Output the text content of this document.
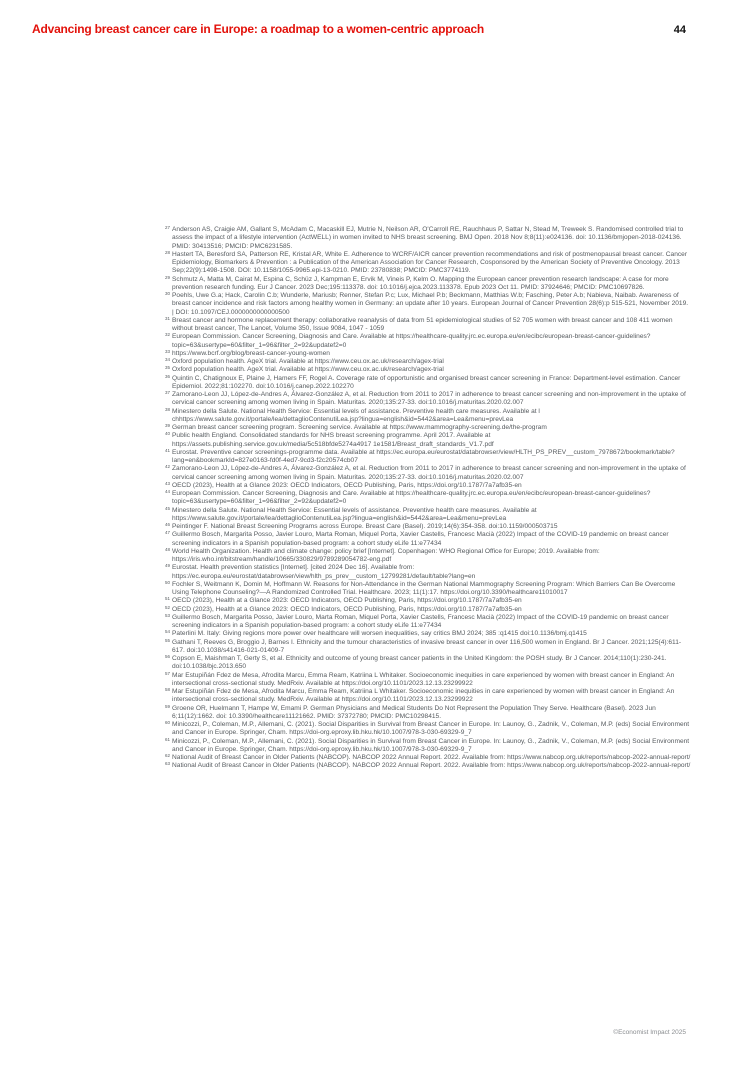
Advancing breast cancer care in Europe: a roadmap to a women-centric approach	44

$^{27}$ Anderson AS, Craigie AM, Gallant S, McAdam C, Macaskill EJ, Mutrie N, Neilson AR, O'Carroll RE, Rauchhaus P, Sattar N, Stead M, Treweek S. Randomised controlled trial to assess the impact of a lifestyle intervention (ActWELL) in women invited to NHS breast screening. BMJ Open. 2018 Nov 8;8(11):e024136. doi: 10.1136/bmjopen-2018-024136. PMID: 30413516; PMCID: PMC6231585.

$^{28}$ Hastert TA, Beresford SA, Patterson RE, Kristal AR, White E. Adherence to WCRF/AICR cancer prevention recommendations and risk of postmenopausal breast cancer. Cancer Epidemiology, Biomarkers & Prevention : a Publication of the American Association for Cancer Research, Cosponsored by the American Society of Preventive Oncology. 2013 Sep;22(9):1498-1508. DOI: 10.1158/1055-9965.epi-13-0210. PMID: 23780838; PMCID: PMC3774119.

$^{29}$ Schmutz A, Matta M, Cairat M, Espina C, Schüz J, Kampman E, Ervik M, Vineis P, Kelm O. Mapping the European cancer prevention research landscape: A case for more prevention research funding. Eur J Cancer. 2023 Dec;195:113378. doi: 10.1016/j.ejca.2023.113378. Epub 2023 Oct 11. PMID: 37924646; PMCID: PMC10697826.

$^{30}$ Poehls, Uwe G.a; Hack, Carolin C.b; Wunderle, Mariusb; Renner, Stefan P.c; Lux, Michael P.b; Beckmann, Matthias W.b; Fasching, Peter A.b; Nabieva, Naibab. Awareness of breast cancer incidence and risk factors among healthy women in Germany: an update after 10 years. European Journal of Cancer Prevention 28(6):p 515-521, November 2019. | DOI: 10.1097/CEJ.0000000000000500

$^{31}$ Breast cancer and hormone replacement therapy: collaborative reanalysis of data from 51 epidemiological studies of 52 705 women with breast cancer and 108 411 women without breast cancer, The Lancet, Volume 350, Issue 9084, 1047 - 1059

$^{32}$ European Commission. Cancer Screening, Diagnosis and Care. Available at https://healthcare-quality.jrc.ec.europa.eu/en/ecibc/european-breast-cancer-guidelines?topic=63&usertype=60&filter_1=96&filter_2=92&updatef2=0

$^{33}$ https://www.bcrf.org/blog/breast-cancer-young-women

$^{34}$ Oxford population health. AgeX trial. Available at https://www.ceu.ox.ac.uk/research/agex-trial

$^{35}$ Oxford population health. AgeX trial. Available at https://www.ceu.ox.ac.uk/research/agex-trial

$^{36}$ Quintin C, Chatignoux E, Plaine J, Hamers FF, Rogel A. Coverage rate of opportunistic and organised breast cancer screening in France: Department-level estimation. Cancer Epidemiol. 2022;81:102270. doi:10.1016/j.canep.2022.102270

$^{37}$ Zamorano-Leon JJ, López-de-Andres A, Álvarez-González A, et al. Reduction from 2011 to 2017 in adherence to breast cancer screening and non-improvement in the uptake of cervical cancer screening among women living in Spain. Maturitas. 2020;135:27-33. doi:10.1016/j.maturitas.2020.02.007

$^{38}$ Minestero della Salute. National Health Service: Essential levels of assistance. Preventive health care measures. Available at l chhttps://www.salute.gov.it/portale/lea/dettaglioContenutiLea.jsp?lingua=english&id=5442&area=Lea&menu=prevLea

$^{39}$ German breast cancer screening program. Screening service. Available at https://www.mammography-screening.de/the-program

$^{40}$ Public health England. Consolidated standards for NHS breast screening programme. April 2017. Available at https://assets.publishing.service.gov.uk/media/5c518bfde5274a4917 1e1581/Breast_draft_standards_V1.7.pdf

$^{41}$ Eurostat. Preventive cancer screenings-programme data. Available at https://ec.europa.eu/eurostat/databrowser/view/HLTH_PS_PREV__custom_7978672/bookmark/table?lang=en&bookmarkId=827e0163-fd0f-4ed7-9cd3-f2c20574cb07

$^{42}$ Zamorano-Leon JJ, López-de-Andres A, Álvarez-González A, et al. Reduction from 2011 to 2017 in adherence to breast cancer screening and non-improvement in the uptake of cervical cancer screening among women living in Spain. Maturitas. 2020;135:27-33. doi:10.1016/j.maturitas.2020.02.007

$^{43}$ OECD (2023), Health at a Glance 2023: OECD Indicators, OECD Publishing, Paris, https://doi.org/10.1787/7a7afb35-en

$^{44}$ European Commission. Cancer Screening, Diagnosis and Care. Available at https://healthcare-quality.jrc.ec.europa.eu/en/ecibc/european-breast-cancer-guidelines?topic=63&usertype=60&filter_1=96&filter_2=92&updatef2=0

$^{45}$ Minestero della Salute. National Health Service: Essential levels of assistance. Preventive health care measures. Available at https://www.salute.gov.it/portale/lea/dettaglioContenutiLea.jsp?lingua=english&id=5442&area=Lea&menu=prevLea

$^{46}$ Peintinger F. National Breast Screening Programs across Europe. Breast Care (Basel). 2019;14(6):354-358. doi:10.1159/000503715

$^{47}$ Guillermo Bosch, Margarita Posso, Javier Louro, Marta Roman, Miquel Porta, Xavier Castells, Francesc Macià (2022) Impact of the COVID-19 pandemic on breast cancer screening indicators in a Spanish population-based program: a cohort study eLife 11:e77434

$^{48}$ World Health Organization. Health and climate change: policy brief [Internet]. Copenhagen: WHO Regional Office for Europe; 2019. Available from: https://iris.who.int/bitstream/handle/10665/330829/9789289054782-eng.pdf

$^{49}$ Eurostat. Health prevention statistics [Internet]. [cited 2024 Dec 16]. Available from: https://ec.europa.eu/eurostat/databrowser/view/hlth_ps_prev__custom_12799281/default/table?lang=en

$^{50}$ Fochler S, Weitmann K, Domin M, Hoffmann W. Reasons for Non-Attendance in the German National Mammography Screening Program: Which Barriers Can Be Overcome Using Telephone Counseling?—A Randomized Controlled Trial. Healthcare. 2023; 11(1):17. https://doi.org/10.3390/healthcare11010017

$^{51}$ OECD (2023), Health at a Glance 2023: OECD Indicators, OECD Publishing, Paris, https://doi.org/10.1787/7a7afb35-en

$^{52}$ OECD (2023), Health at a Glance 2023: OECD Indicators, OECD Publishing, Paris, https://doi.org/10.1787/7a7afb35-en

$^{53}$ Guillermo Bosch, Margarita Posso, Javier Louro, Marta Roman, Miquel Porta, Xavier Castells, Francesc Macià (2022) Impact of the COVID-19 pandemic on breast cancer screening indicators in a Spanish population-based program: a cohort study eLife 11:e77434

$^{54}$ Paterlini M. Italy: Giving regions more power over healthcare will worsen inequalities, say critics BMJ 2024; 385 :q1415 doi:10.1136/bmj.q1415

$^{55}$ Gathani T, Reeves G, Broggio J, Barnes I. Ethnicity and the tumour characteristics of invasive breast cancer in over 116,500 women in England. Br J Cancer. 2021;125(4):611-617. doi:10.1038/s41416-021-01409-7

$^{56}$ Copson E, Maishman T, Gerty S, et al. Ethnicity and outcome of young breast cancer patients in the United Kingdom: the POSH study. Br J Cancer. 2014;110(1):230-241. doi:10.1038/bjc.2013.650

$^{57}$ Mar Estupiñán Fdez de Mesa, Afrodita Marcu, Emma Ream, Katriina L Whitaker. Socioeconomic inequities in care experienced by women with breast cancer in England: An intersectional cross-sectional study. MedRxiv. Available at https://doi.org/10.1101/2023.12.13.23299922

$^{58}$ Mar Estupiñán Fdez de Mesa, Afrodita Marcu, Emma Ream, Katriina L Whitaker. Socioeconomic inequities in care experienced by women with breast cancer in England: An intersectional cross-sectional study. MedRxiv. Available at https://doi.org/10.1101/2023.12.13.23299922

$^{59}$ Groene OR, Huelmann T, Hampe W, Emami P. German Physicians and Medical Students Do Not Represent the Population They Serve. Healthcare (Basel). 2023 Jun 6;11(12):1662. doi: 10.3390/healthcare11121662. PMID: 37372780; PMCID: PMC10298415.

$^{60}$ Minicozzi, P., Coleman, M.P., Allemani, C. (2021). Social Disparities in Survival from Breast Cancer in Europe. In: Launoy, G., Zadnik, V., Coleman, M.P. (eds) Social Environment and Cancer in Europe. Springer, Cham. https://doi-org.eproxy.lib.hku.hk/10.1007/978-3-030-69329-9_7

$^{61}$ Minicozzi, P., Coleman, M.P., Allemani, C. (2021). Social Disparities in Survival from Breast Cancer in Europe. In: Launoy, G., Zadnik, V., Coleman, M.P. (eds) Social Environment and Cancer in Europe. Springer, Cham. https://doi-org.eproxy.lib.hku.hk/10.1007/978-3-030-69329-9_7

$^{62}$ National Audit of Breast Cancer in Older Patients (NABCOP). NABCOP 2022 Annual Report. 2022. Available from: https://www.nabcop.org.uk/reports/nabcop-2022-annual-report/

$^{63}$ National Audit of Breast Cancer in Older Patients (NABCOP). NABCOP 2022 Annual Report. 2022. Available from: https://www.nabcop.org.uk/reports/nabcop-2022-annual-report/

©Economist Impact 2025
